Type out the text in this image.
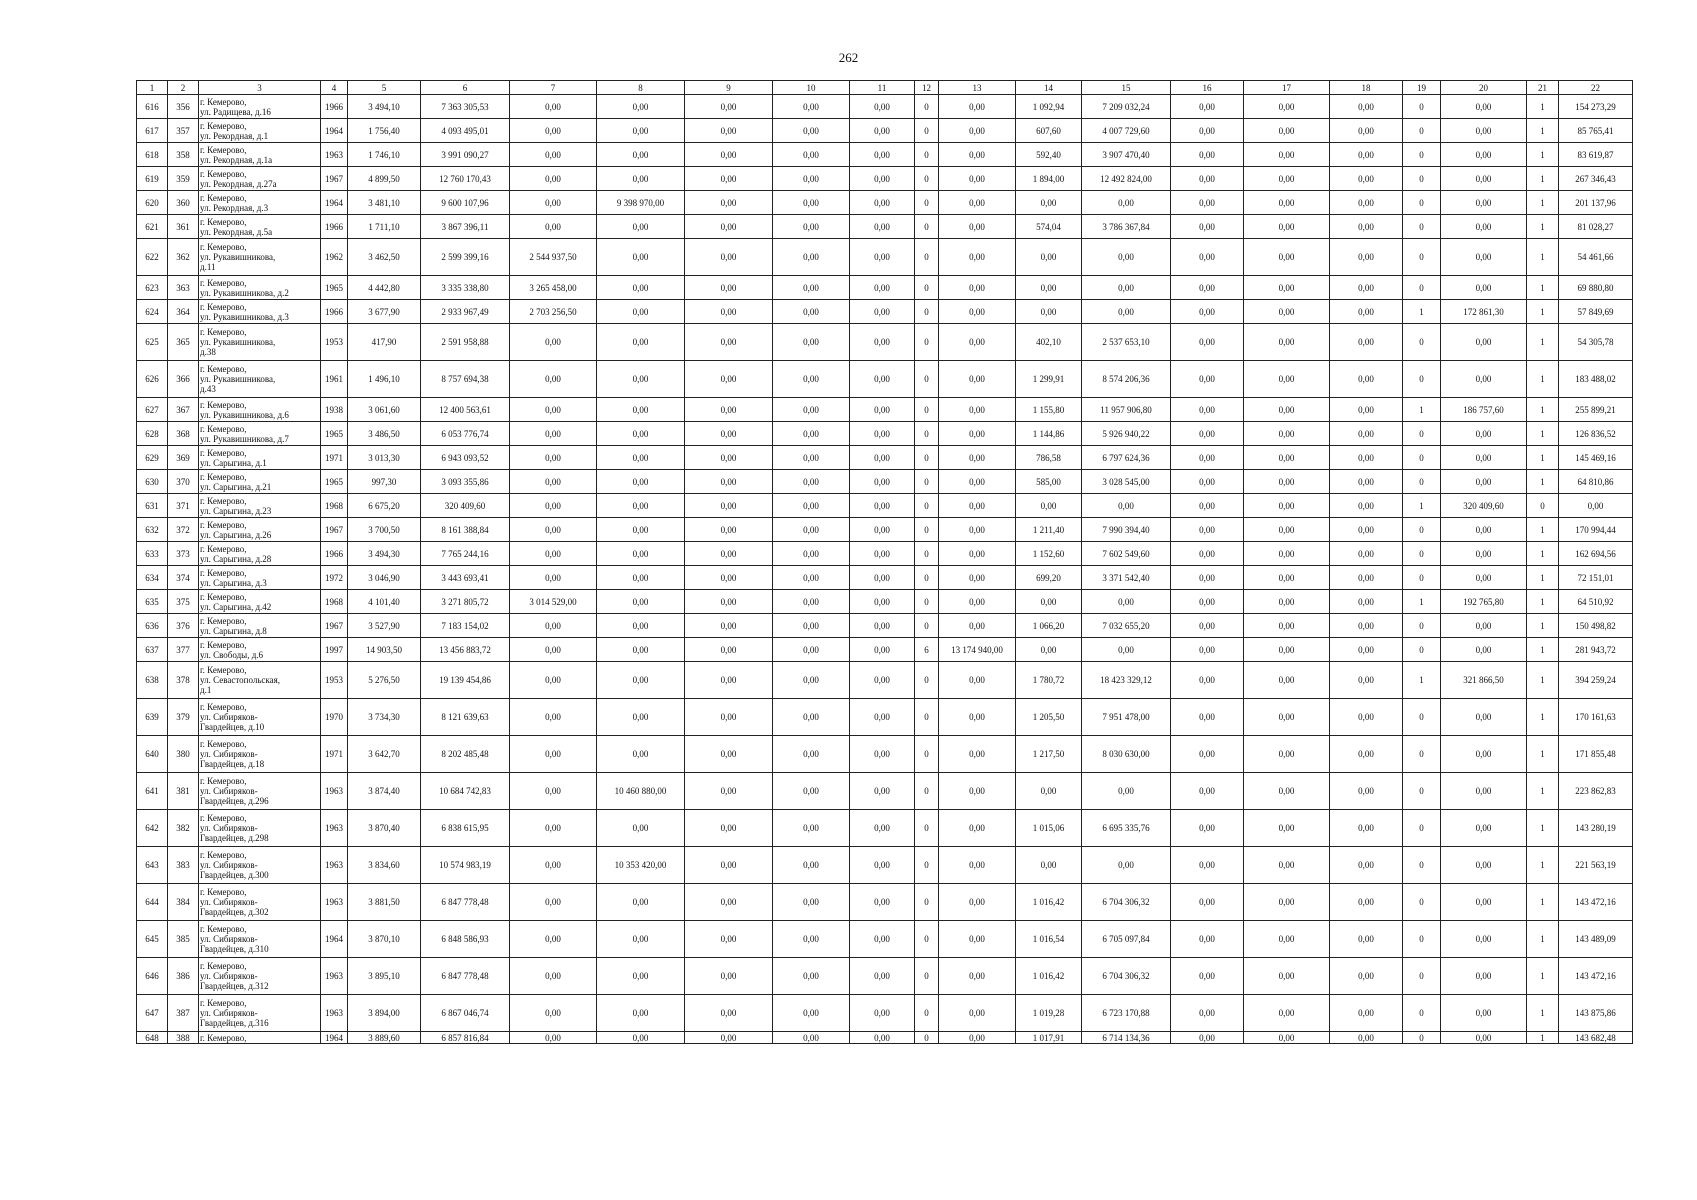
262
1	2	3	4	5	6	7	8	9	10	11	12	13	14	15	16	17	18	19	20	21	22
616	356	г. Кемерово,
ул. Радищева, д.16	1966	3 494,10	7 363 305,53	0,00	0,00	0,00	0,00	0,00	0	0,00	1 092,94	7 209 032,24	0,00	0,00	0,00	0	0,00	1	154 273,29
617	357	г. Кемерово,
ул. Рекордная, д.1	1964	1 756,40	4 093 495,01	0,00	0,00	0,00	0,00	0,00	0	0,00	607,60	4 007 729,60	0,00	0,00	0,00	0	0,00	1	85 765,41
618	358	г. Кемерово,
ул. Рекордная, д.1а	1963	1 746,10	3 991 090,27	0,00	0,00	0,00	0,00	0,00	0	0,00	592,40	3 907 470,40	0,00	0,00	0,00	0	0,00	1	83 619,87
619	359	г. Кемерово,
ул. Рекордная, д.27а	1967	4 899,50	12 760 170,43	0,00	0,00	0,00	0,00	0,00	0	0,00	1 894,00	12 492 824,00	0,00	0,00	0,00	0	0,00	1	267 346,43
620	360	г. Кемерово,
ул. Рекордная, д.3	1964	3 481,10	9 600 107,96	0,00	9 398 970,00	0,00	0,00	0,00	0	0,00	0,00	0,00	0,00	0,00	0,00	0	0,00	1	201 137,96
621	361	г. Кемерово,
ул. Рекордная, д.5а	1966	1 711,10	3 867 396,11	0,00	0,00	0,00	0,00	0,00	0	0,00	574,04	3 786 367,84	0,00	0,00	0,00	0	0,00	1	81 028,27
622	362	г. Кемерово,
ул. Рукавишникова,
д.11	1962	3 462,50	2 599 399,16	2 544 937,50	0,00	0,00	0,00	0,00	0	0,00	0,00	0,00	0,00	0,00	0,00	0	0,00	1	54 461,66
623	363	г. Кемерово,
ул. Рукавишникова, д.2	1965	4 442,80	3 335 338,80	3 265 458,00	0,00	0,00	0,00	0,00	0	0,00	0,00	0,00	0,00	0,00	0,00	0	0,00	1	69 880,80
624	364	г. Кемерово,
ул. Рукавишникова, д.3	1966	3 677,90	2 933 967,49	2 703 256,50	0,00	0,00	0,00	0,00	0	0,00	0,00	0,00	0,00	0,00	0,00	1	172 861,30	1	57 849,69
625	365	г. Кемерово,
ул. Рукавишникова,
д.38	1953	417,90	2 591 958,88	0,00	0,00	0,00	0,00	0,00	0	0,00	402,10	2 537 653,10	0,00	0,00	0,00	0	0,00	1	54 305,78
626	366	г. Кемерово,
ул. Рукавишникова,
д.43	1961	1 496,10	8 757 694,38	0,00	0,00	0,00	0,00	0,00	0	0,00	1 299,91	8 574 206,36	0,00	0,00	0,00	0	0,00	1	183 488,02
627	367	г. Кемерово,
ул. Рукавишникова, д.6	1938	3 061,60	12 400 563,61	0,00	0,00	0,00	0,00	0,00	0	0,00	1 155,80	11 957 906,80	0,00	0,00	0,00	1	186 757,60	1	255 899,21
628	368	г. Кемерово,
ул. Рукавишникова, д.7	1965	3 486,50	6 053 776,74	0,00	0,00	0,00	0,00	0,00	0	0,00	1 144,86	5 926 940,22	0,00	0,00	0,00	0	0,00	1	126 836,52
629	369	г. Кемерово,
ул. Сарыгина, д.1	1971	3 013,30	6 943 093,52	0,00	0,00	0,00	0,00	0,00	0	0,00	786,58	6 797 624,36	0,00	0,00	0,00	0	0,00	1	145 469,16
630	370	г. Кемерово,
ул. Сарыгина, д.21	1965	997,30	3 093 355,86	0,00	0,00	0,00	0,00	0,00	0	0,00	585,00	3 028 545,00	0,00	0,00	0,00	0	0,00	1	64 810,86
631	371	г. Кемерово,
ул. Сарыгина, д.23	1968	6 675,20	320 409,60	0,00	0,00	0,00	0,00	0,00	0	0,00	0,00	0,00	0,00	0,00	0,00	1	320 409,60	0	0,00
632	372	г. Кемерово,
ул. Сарыгина, д.26	1967	3 700,50	8 161 388,84	0,00	0,00	0,00	0,00	0,00	0	0,00	1 211,40	7 990 394,40	0,00	0,00	0,00	0	0,00	1	170 994,44
633	373	г. Кемерово,
ул. Сарыгина, д.28	1966	3 494,30	7 765 244,16	0,00	0,00	0,00	0,00	0,00	0	0,00	1 152,60	7 602 549,60	0,00	0,00	0,00	0	0,00	1	162 694,56
634	374	г. Кемерово,
ул. Сарыгина, д.3	1972	3 046,90	3 443 693,41	0,00	0,00	0,00	0,00	0,00	0	0,00	699,20	3 371 542,40	0,00	0,00	0,00	0	0,00	1	72 151,01
635	375	г. Кемерово,
ул. Сарыгина, д.42	1968	4 101,40	3 271 805,72	3 014 529,00	0,00	0,00	0,00	0,00	0	0,00	0,00	0,00	0,00	0,00	0,00	1	192 765,80	1	64 510,92
636	376	г. Кемерово,
ул. Сарыгина, д.8	1967	3 527,90	7 183 154,02	0,00	0,00	0,00	0,00	0,00	0	0,00	1 066,20	7 032 655,20	0,00	0,00	0,00	0	0,00	1	150 498,82
637	377	г. Кемерово,
ул. Свободы, д.6	1997	14 903,50	13 456 883,72	0,00	0,00	0,00	0,00	0,00	6	13 174 940,00	0,00	0,00	0,00	0,00	0,00	0	0,00	1	281 943,72
638	378	г. Кемерово,
ул. Севастопольская,
д.1	1953	5 276,50	19 139 454,86	0,00	0,00	0,00	0,00	0,00	0	0,00	1 780,72	18 423 329,12	0,00	0,00	0,00	1	321 866,50	1	394 259,24
639	379	г. Кемерово,
ул. Сибиряков-
Гвардейцев, д.10	1970	3 734,30	8 121 639,63	0,00	0,00	0,00	0,00	0,00	0	0,00	1 205,50	7 951 478,00	0,00	0,00	0,00	0	0,00	1	170 161,63
640	380	г. Кемерово,
ул. Сибиряков-
Гвардейцев, д.18	1971	3 642,70	8 202 485,48	0,00	0,00	0,00	0,00	0,00	0	0,00	1 217,50	8 030 630,00	0,00	0,00	0,00	0	0,00	1	171 855,48
641	381	г. Кемерово,
ул. Сибиряков-
Гвардейцев, д.296	1963	3 874,40	10 684 742,83	0,00	10 460 880,00	0,00	0,00	0,00	0	0,00	0,00	0,00	0,00	0,00	0,00	0	0,00	1	223 862,83
642	382	г. Кемерово,
ул. Сибиряков-
Гвардейцев, д.298	1963	3 870,40	6 838 615,95	0,00	0,00	0,00	0,00	0,00	0	0,00	1 015,06	6 695 335,76	0,00	0,00	0,00	0	0,00	1	143 280,19
643	383	г. Кемерово,
ул. Сибиряков-
Гвардейцев, д.300	1963	3 834,60	10 574 983,19	0,00	10 353 420,00	0,00	0,00	0,00	0	0,00	0,00	0,00	0,00	0,00	0,00	0	0,00	1	221 563,19
644	384	г. Кемерово,
ул. Сибиряков-
Гвардейцев, д.302	1963	3 881,50	6 847 778,48	0,00	0,00	0,00	0,00	0,00	0	0,00	1 016,42	6 704 306,32	0,00	0,00	0,00	0	0,00	1	143 472,16
645	385	г. Кемерово,
ул. Сибиряков-
Гвардейцев, д.310	1964	3 870,10	6 848 586,93	0,00	0,00	0,00	0,00	0,00	0	0,00	1 016,54	6 705 097,84	0,00	0,00	0,00	0	0,00	1	143 489,09
646	386	г. Кемерово,
ул. Сибиряков-
Гвардейцев, д.312	1963	3 895,10	6 847 778,48	0,00	0,00	0,00	0,00	0,00	0	0,00	1 016,42	6 704 306,32	0,00	0,00	0,00	0	0,00	1	143 472,16
647	387	г. Кемерово,
ул. Сибиряков-
Гвардейцев, д.316	1963	3 894,00	6 867 046,74	0,00	0,00	0,00	0,00	0,00	0	0,00	1 019,28	6 723 170,88	0,00	0,00	0,00	0	0,00	1	143 875,86
648	388	г. Кемерово,	1964	3 889,60	6 857 816,84	0,00	0,00	0,00	0,00	0,00	0	0,00	1 017,91	6 714 134,36	0,00	0,00	0,00	0	0,00	1	143 682,48
